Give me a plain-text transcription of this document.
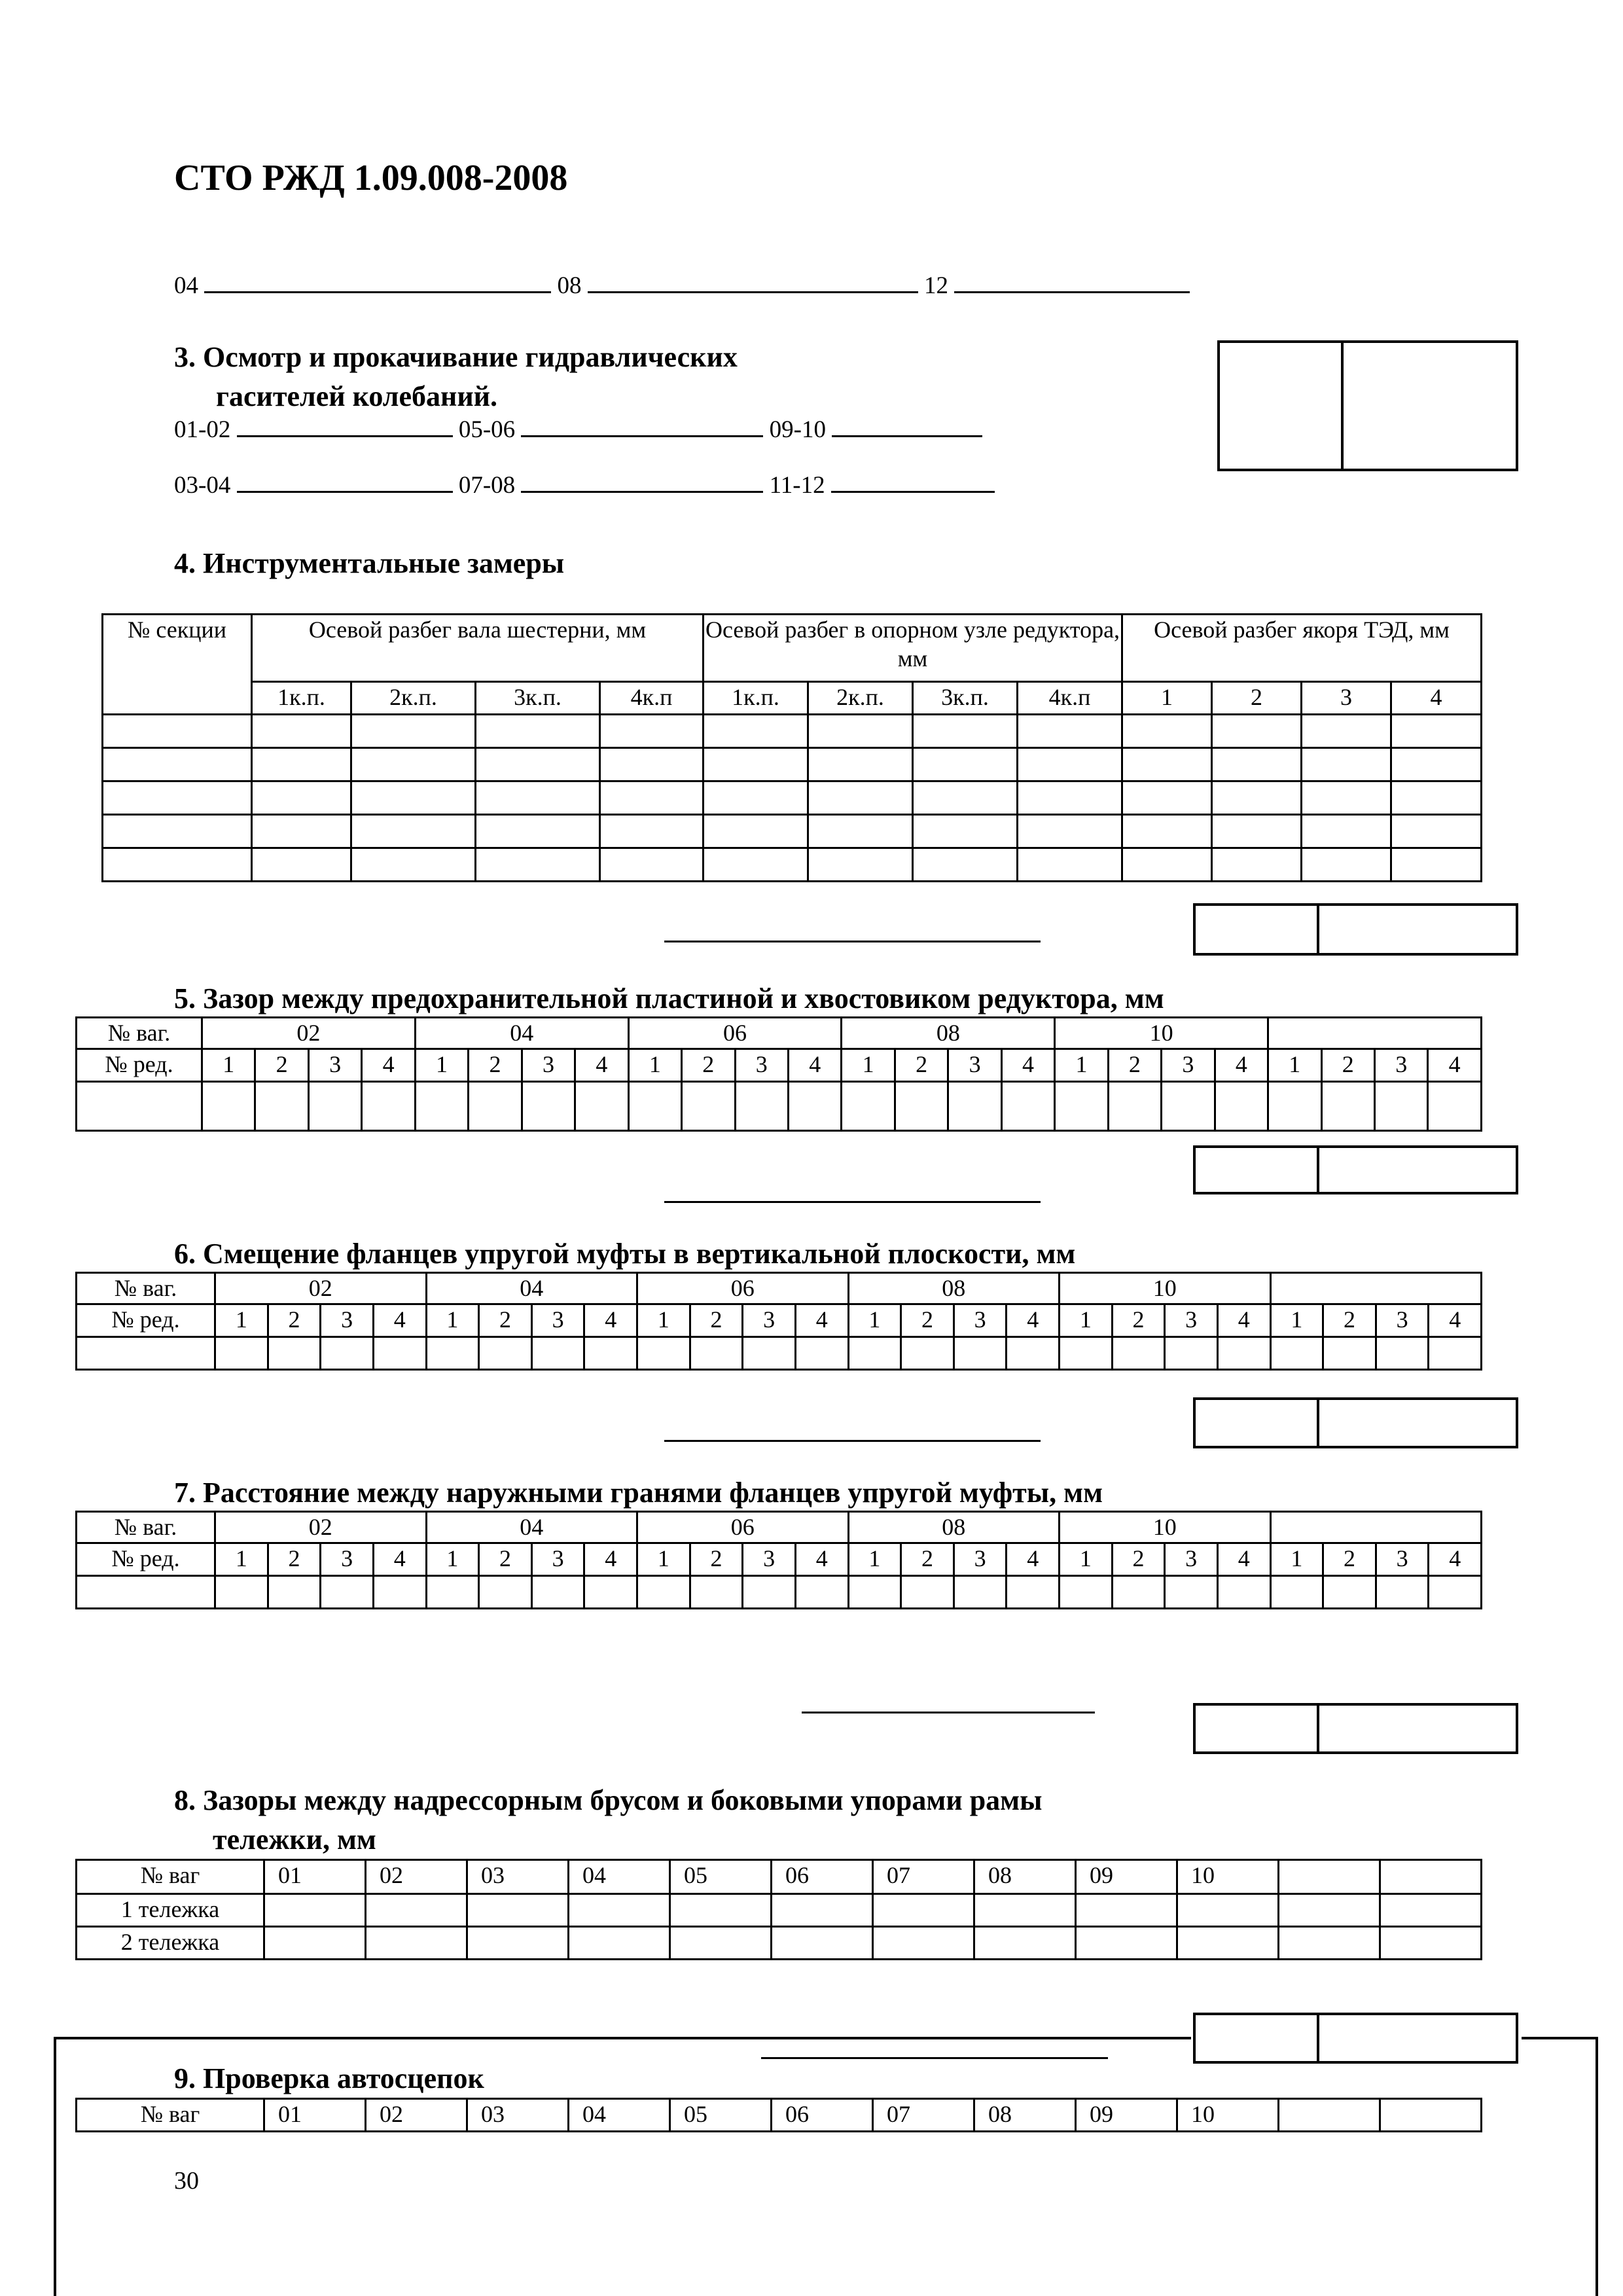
СТО РЖД 1.09.008-2008
04	08	12
3. Осмотр и прокачивание гидравлических
гасителей колебаний.
01-02	05-06	09-10
03-04	07-08	11-12
4. Инструментальные замеры
№ секции	Осевой разбег вала шестерни, мм				Осевой разбег в опорном узле редуктора, мм				Осевой разбег якоря ТЭД, мм			
	1к.п.	2к.п.	3к.п.	4к.п	1к.п.	2к.п.	3к.п.	4к.п	1	2	3	4

5. Зазор между предохранительной пластиной и хвостовиком редуктора, мм
№ ваг.	02				04				06				08				10							
№ ред.	1	2	3	4	1	2	3	4	1	2	3	4	1	2	3	4	1	2	3	4	1	2	3	4

6. Смещение фланцев упругой муфты в вертикальной плоскости, мм
№ ваг.	02				04				06				08				10							
№ ред.	1	2	3	4	1	2	3	4	1	2	3	4	1	2	3	4	1	2	3	4	1	2	3	4

7. Расстояние между наружными гранями фланцев упругой муфты, мм
№ ваг.	02				04				06				08				10							
№ ред.	1	2	3	4	1	2	3	4	1	2	3	4	1	2	3	4	1	2	3	4	1	2	3	4

8. Зазоры между надрессорным брусом и боковыми упорами рамы
тележки, мм
№ ваг	01	02	03	04	05	06	07	08	09	10		
1 тележка												
2 тележка												
9. Проверка автосцепок
№ ваг	01	02	03	04	05	06	07	08	09	10		
30
